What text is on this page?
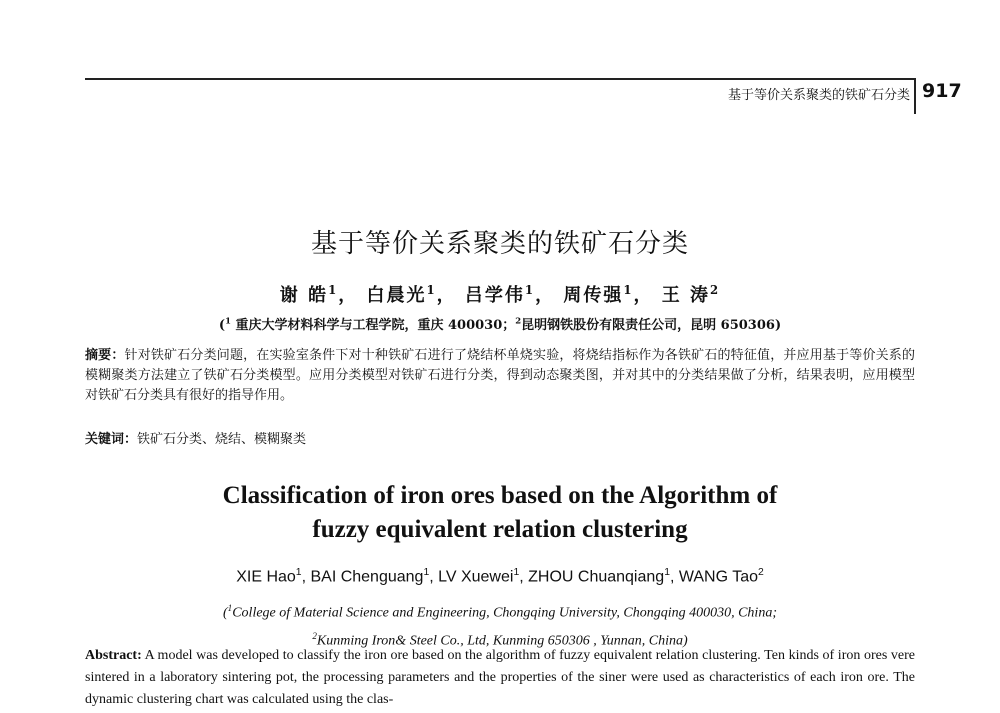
基于等价关系聚类的铁矿石分类 917
基于等价关系聚类的铁矿石分类
谢 皓$^1$， 白晨光$^1$， 吕学伟$^1$， 周传强$^1$， 王 涛$^2$
($^1$ 重庆大学材料科学与工程学院，重庆 400030；$^2$昆明钢铁股份有限责任公司，昆明 650306)
摘要：针对铁矿石分类问题，在实验室条件下对十种铁矿石进行了烧结杯单烧实验，将烧结指标作为各铁矿石的特征值，并应用基于等价关系的模糊聚类方法建立了铁矿石分类模型。应用分类模型对铁矿石进行分类，得到动态聚类图，并对其中的分类结果做了分析，结果表明，应用模型对铁矿石分类具有很好的指导作用。
关键词：铁矿石分类、烧结、模糊聚类
Classification of iron ores based on the Algorithm of
fuzzy equivalent relation clustering
XIE Hao$^1$, BAI Chenguang$^1$, LV Xuewei$^1$, ZHOU Chuanqiang$^1$, WANG Tao$^2$
($^1$College of Material Science and Engineering, Chongqing University, Chongqing 400030, China;
$^2$Kunming Iron& Steel Co., Ltd, Kunming 650306 , Yunnan, China)
Abstract: A model was developed to classify the iron ore based on the algorithm of fuzzy equivalent relation clustering. Ten kinds of iron ores vere sintered in a laboratory sintering pot, the processing parameters and the properties of the siner were used as characteristics of each iron ore. The dynamic clustering chart was calculated using the clas-
